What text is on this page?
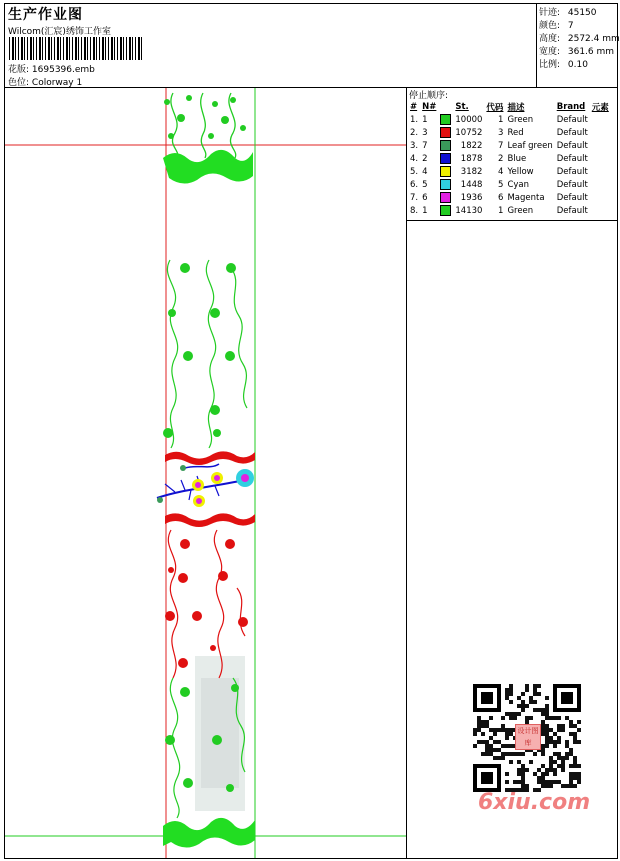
生产作业图
Wilcom(汇宸)绣饰工作室
花版: 1695396.emb
色位: Colorway 1
针迹: 45150
颜色: 7
高度: 2572.4 mm
宽度: 361.6 mm
比例: 0.10
停止顺序:
#	N#		St.	代码	描述	Brand	元素
1.	1		10000	1	Green	Default	
2.	3		10752	3	Red	Default	
3.	7		1822	7	Leaf green	Default	
4.	2		1878	2	Blue	Default	
5.	4		3182	4	Yellow	Default	
6.	5		1448	5	Cyan	Default	
7.	6		1936	6	Magenta	Default	
8.	1		14130	1	Green	Default	
设计图库
6xiu.com
